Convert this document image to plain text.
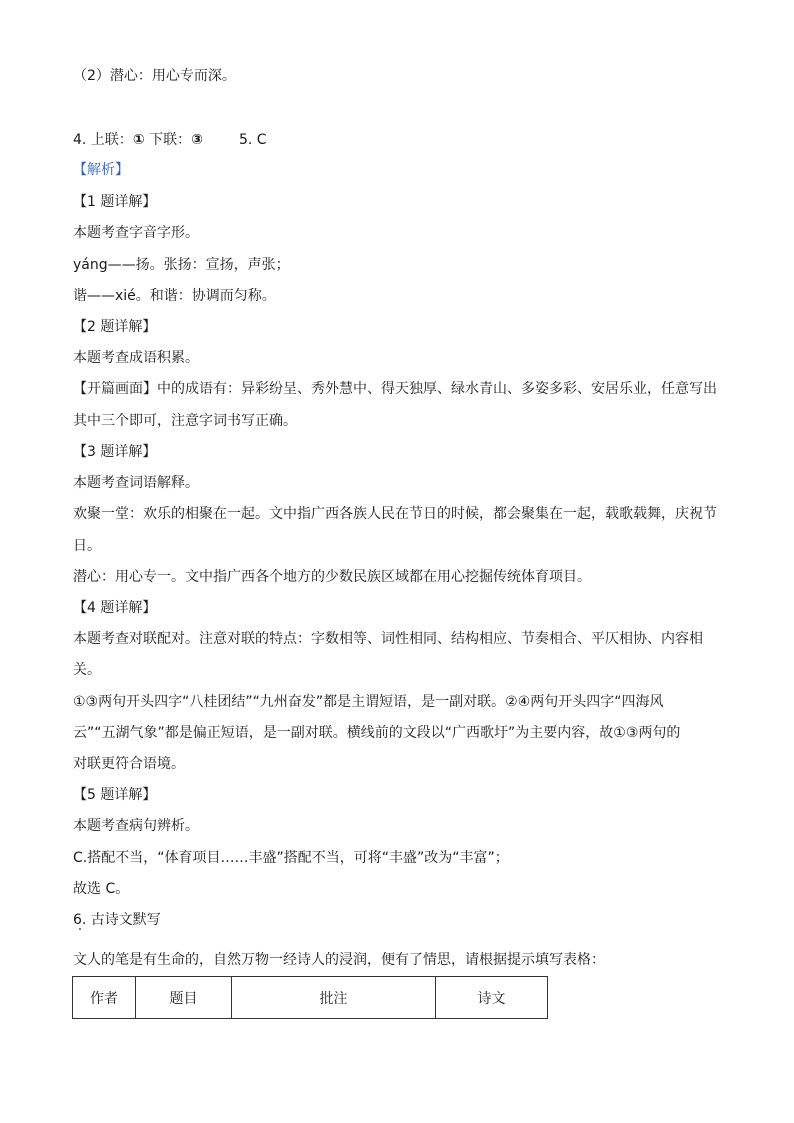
（2）潜心：用心专而深。
4. 上联：① 下联：③	5. C
【解析】
【1 题详解】
本题考查字音字形。
yáng——扬。张扬：宣扬，声张；
谐——xié。和谐：协调而匀称。
【2 题详解】
本题考查成语积累。
【开篇画面】中的成语有：异彩纷呈、秀外慧中、得天独厚、绿水青山、多姿多彩、安居乐业，任意写出
其中三个即可，注意字词书写正确。
【3 题详解】
本题考查词语解释。
欢聚一堂：欢乐的相聚在一起。文中指广西各族人民在节日的时候，都会聚集在一起，载歌载舞，庆祝节
日。
潜心：用心专一。文中指广西各个地方的少数民族区域都在用心挖掘传统体育项目。
【4 题详解】
本题考查对联配对。注意对联的特点：字数相等、词性相同、结构相应、节奏相合、平仄相协、内容相
关。
①③两句开头四字“八桂团结”“九州奋发”都是主谓短语，是一副对联。②④两句开头四字“四海风
云”“五湖气象”都是偏正短语，是一副对联。横线前的文段以“广西歌圩”为主要内容，故①③两句的
对联更符合语境。
【5 题详解】
本题考查病句辨析。
C.搭配不当，“体育项目……丰盛”搭配不当，可将“丰盛”改为“丰富”；
故选 C。
6. 古诗文默写
文人的笔是有生命的，自然万物一经诗人的浸润，便有了情思，请根据提示填写表格：
作者	题目	批注	诗文
